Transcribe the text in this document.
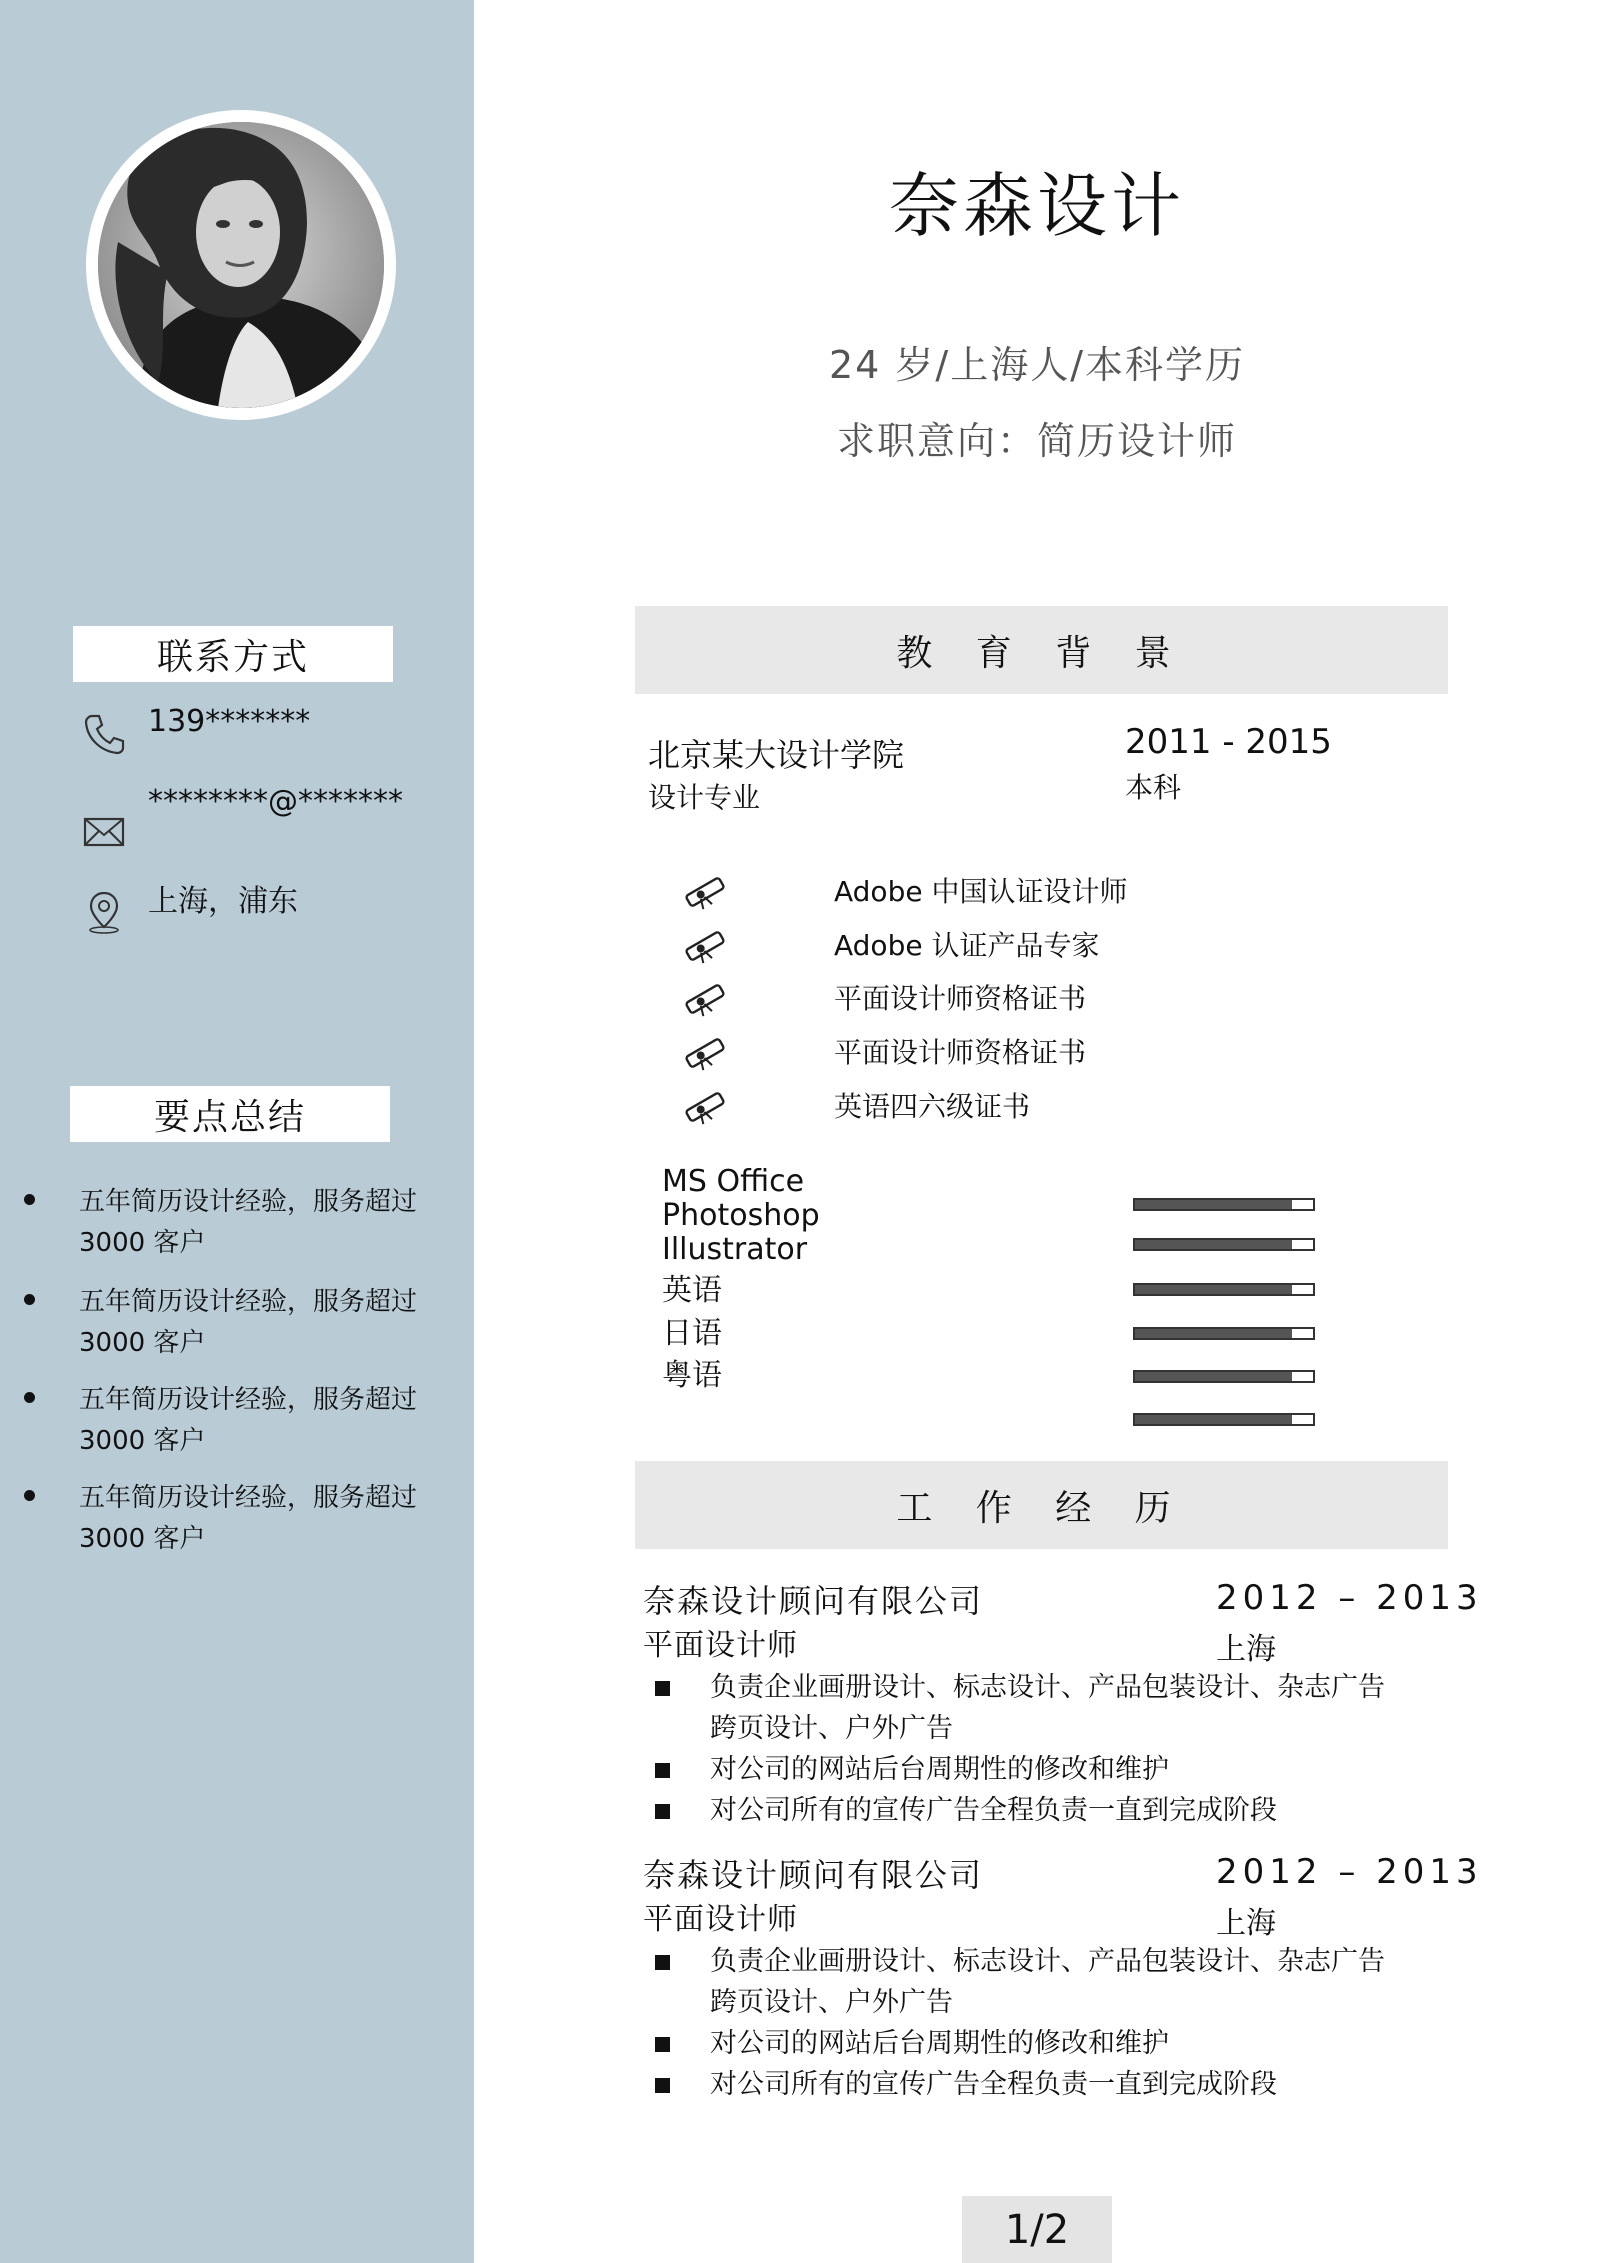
联系方式
139*******
********@*******
上海，浦东
要点总结
五年简历设计经验，服务超过 3000 客户
五年简历设计经验，服务超过 3000 客户
五年简历设计经验，服务超过 3000 客户
五年简历设计经验，服务超过 3000 客户
奈森设计
24 岁/上海人/本科学历
求职意向：简历设计师
教 育 背 景
北京某大设计学院
设计专业
2011 - 2015
本科
Adobe 中国认证设计师
Adobe 认证产品专家
平面设计师资格证书
平面设计师资格证书
英语四六级证书
MS Office
Photoshop
Illustrator
英语
日语
粤语
工 作 经 历
奈森设计顾问有限公司
平面设计师
2012 – 2013
上海
负责企业画册设计、标志设计、产品包装设计、杂志广告跨页设计、户外广告
对公司的网站后台周期性的修改和维护
对公司所有的宣传广告全程负责一直到完成阶段
奈森设计顾问有限公司
平面设计师
2012 – 2013
上海
负责企业画册设计、标志设计、产品包装设计、杂志广告跨页设计、户外广告
对公司的网站后台周期性的修改和维护
对公司所有的宣传广告全程负责一直到完成阶段
1/2
